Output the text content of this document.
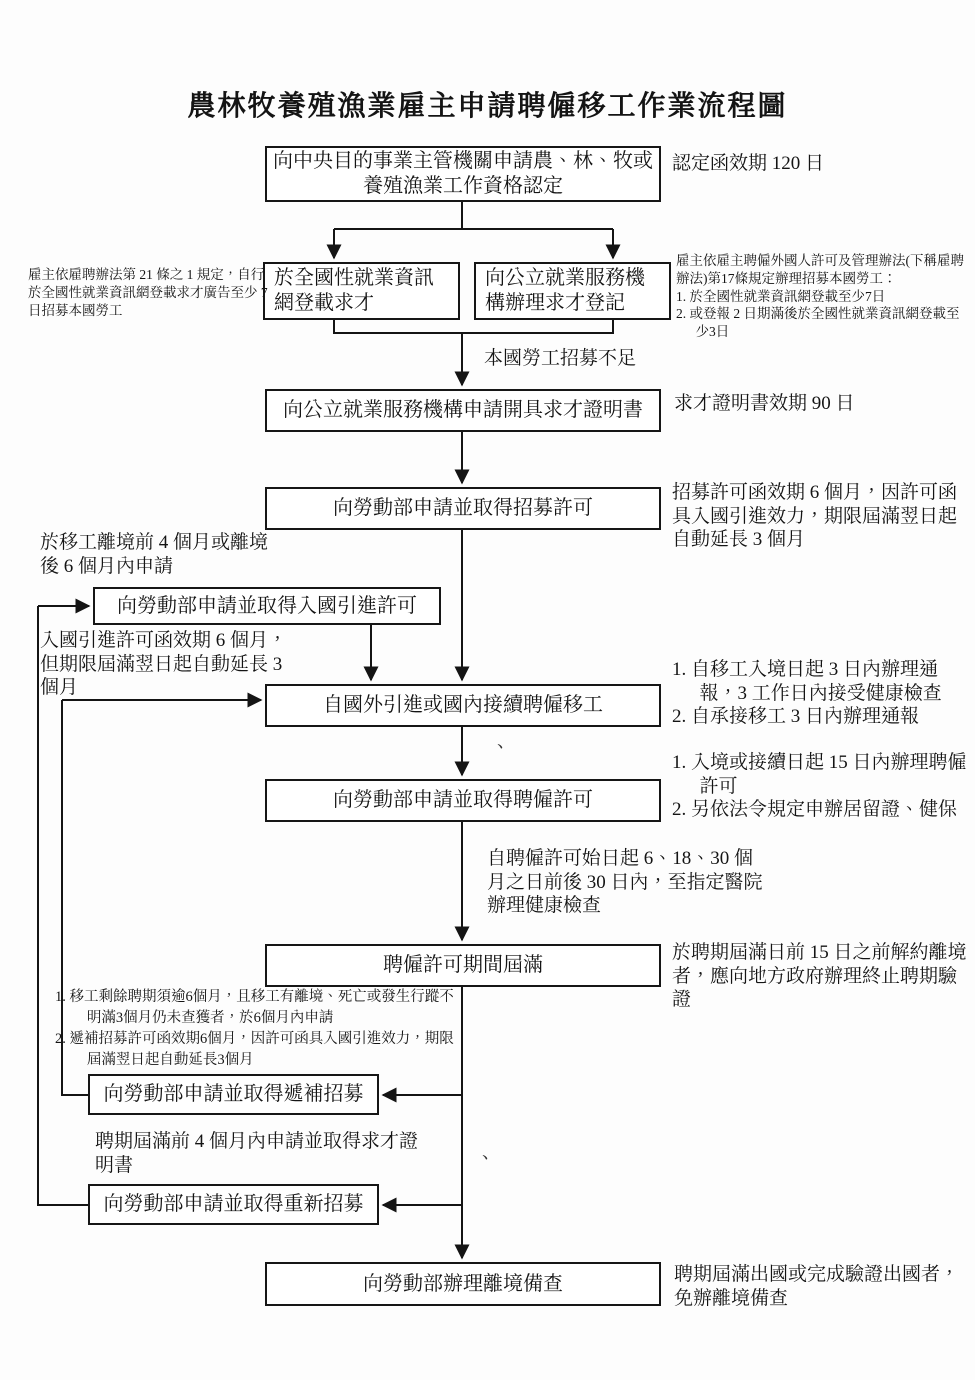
農林牧養殖漁業雇主申請聘僱移工作業流程圖
向中央目的事業主管機關申請農、林、牧或養殖漁業工作資格認定
於全國性就業資訊網登載求才
向公立就業服務機構辦理求才登記
向公立就業服務機構申請開具求才證明書
向勞動部申請並取得招募許可
向勞動部申請並取得入國引進許可
自國外引進或國內接續聘僱移工
向勞動部申請並取得聘僱許可
聘僱許可期間屆滿
向勞動部申請並取得遞補招募
向勞動部申請並取得重新招募
向勞動部辦理離境備查
本國勞工招募不足
自聘僱許可始日起 6、18、30 個月之日前後 30 日內，至指定醫院辦理健康檢查
認定函效期 120 日

雇主依雇主聘僱外國人許可及管理辦法(下稱雇聘辦法)第17條規定辦理招募本國勞工：

1. 於全國性就業資訊網登載至少7日

2. 或登報 2 日期滿後於全國性就業資訊網登載至少3日

求才證明書效期 90 日
招募許可函效期 6 個月，因許可函具入國引進效力，期限屆滿翌日起自動延長 3 個月

1. 自移工入境日起 3 日內辦理通報，3 工作日內接受健康檢查

2. 自承接移工 3 日內辦理通報

1. 入境或接續日起 15 日內辦理聘僱許可

2. 另依法令規定申辦居留證、健保

於聘期屆滿日前 15 日之前解約離境者，應向地方政府辦理終止聘期驗證
聘期屆滿出國或完成驗證出國者，免辦離境備查
雇主依雇聘辦法第 21 條之 1 規定，自行於全國性就業資訊網登載求才廣告至少 7 日招募本國勞工
於移工離境前 4 個月或離境後 6 個月內申請
入國引進許可函效期 6 個月，但期限屆滿翌日起自動延長 3 個月

1. 移工剩餘聘期須逾6個月，且移工有離境、死亡或發生行蹤不明滿3個月仍未查獲者，於6個月內申請

2. 遞補招募許可函效期6個月，因許可函具入國引進效力，期限屆滿翌日起自動延長3個月

聘期屆滿前 4 個月內申請並取得求才證明書
、
、
